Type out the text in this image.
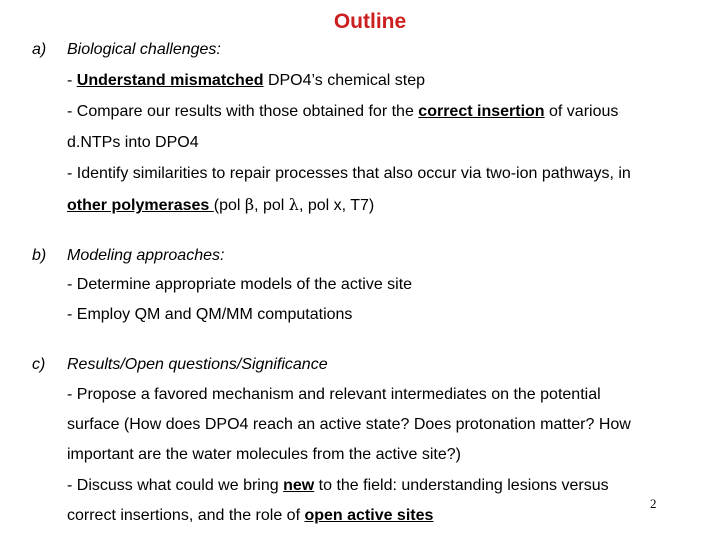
Outline
a) Biological challenges:
- Understand mismatched DPO4’s chemical step
- Compare our results with those obtained for the correct insertion of various
d.NTPs into DPO4
- Identify similarities to repair processes that also occur via two-ion pathways, in
other polymerases (pol β, pol λ, pol x, T7)
b) Modeling approaches:
- Determine appropriate models of the active site
- Employ QM and QM/MM computations
c) Results/Open questions/Significance
- Propose a favored mechanism and relevant intermediates on the potential
surface (How does DPO4 reach an active state? Does protonation matter? How
important are the water molecules from the active site?)
- Discuss what could we bring new to the field: understanding lesions versus
correct insertions, and the role of open active sites
2
